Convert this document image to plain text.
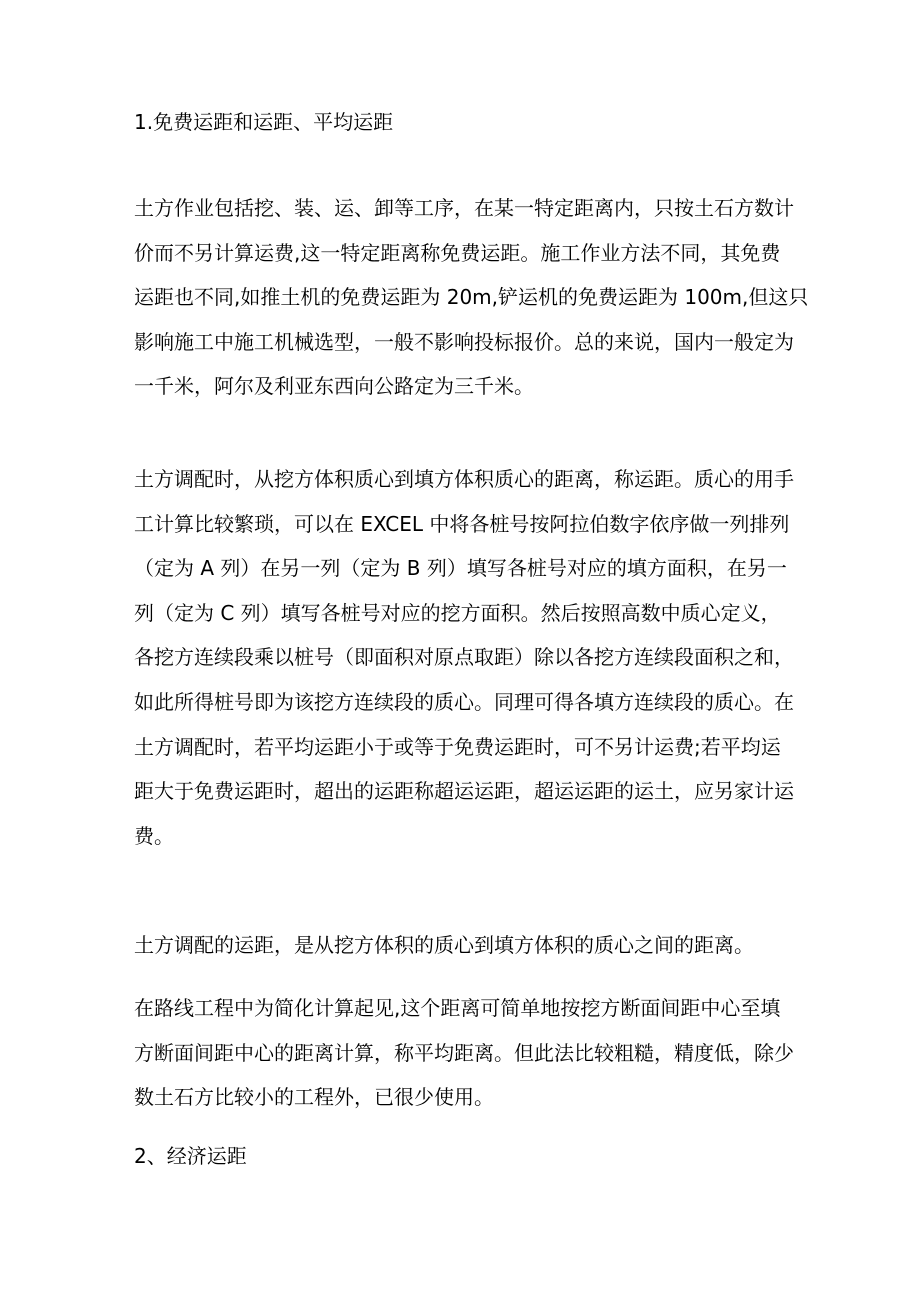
1.免费运距和运距、平均运距
土方作业包括挖、装、运、卸等工序，在某一特定距离内，只按土石方数计
价而不另计算运费,这一特定距离称免费运距。施工作业方法不同，其免费
运距也不同,如推土机的免费运距为 20m,铲运机的免费运距为 100m,但这只
影响施工中施工机械选型，一般不影响投标报价。总的来说，国内一般定为
一千米，阿尔及利亚东西向公路定为三千米。
土方调配时，从挖方体积质心到填方体积质心的距离，称运距。质心的用手
工计算比较繁琐，可以在 EXCEL 中将各桩号按阿拉伯数字依序做一列排列
（定为 A 列）在另一列（定为 B 列）填写各桩号对应的填方面积，在另一
列（定为 C 列）填写各桩号对应的挖方面积。然后按照高数中质心定义，
各挖方连续段乘以桩号（即面积对原点取距）除以各挖方连续段面积之和，
如此所得桩号即为该挖方连续段的质心。同理可得各填方连续段的质心。在
土方调配时，若平均运距小于或等于免费运距时，可不另计运费;若平均运
距大于免费运距时，超出的运距称超运运距，超运运距的运土，应另家计运
费。
土方调配的运距，是从挖方体积的质心到填方体积的质心之间的距离。
在路线工程中为简化计算起见,这个距离可简单地按挖方断面间距中心至填
方断面间距中心的距离计算，称平均距离。但此法比较粗糙，精度低，除少
数土石方比较小的工程外，已很少使用。
2、经济运距
